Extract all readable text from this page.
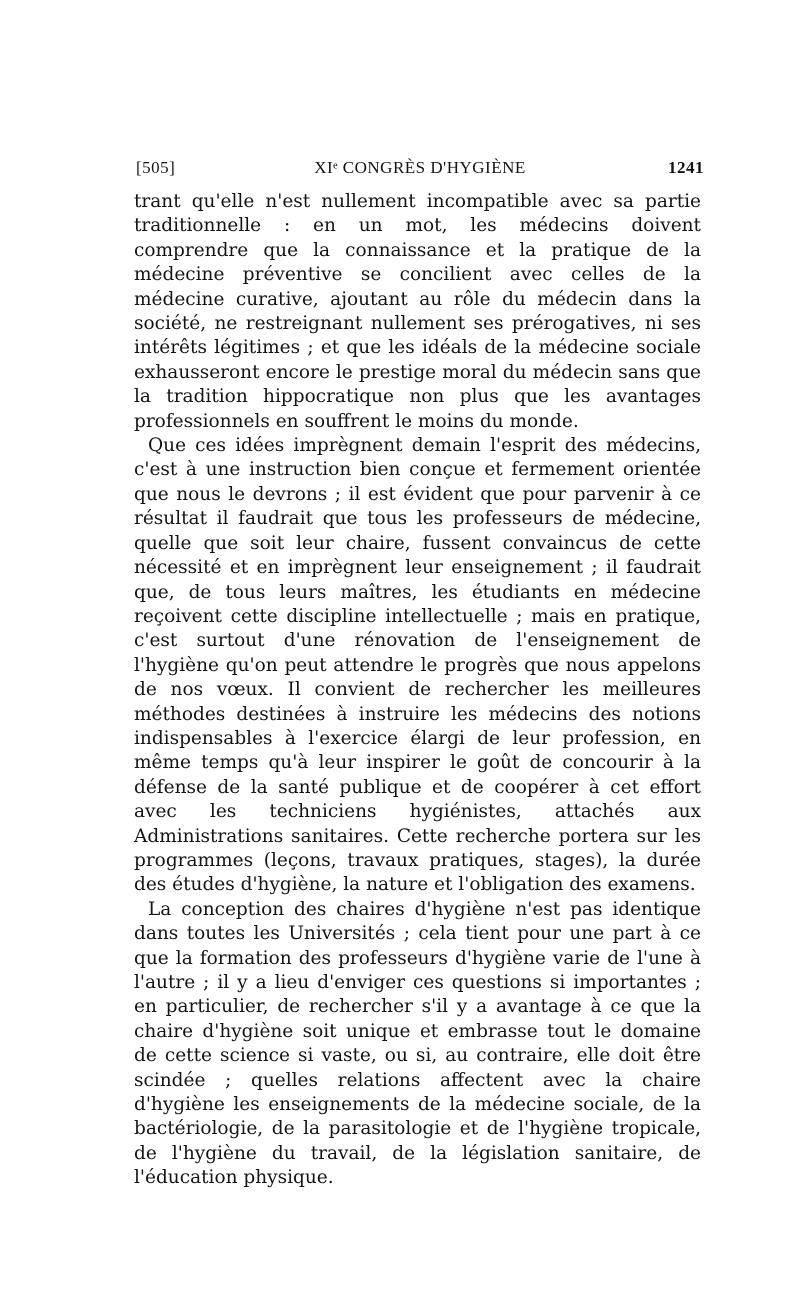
[505]	XIᵉ CONGRÈS D'HYGIÈNE	1241

trant qu'elle n'est nullement incompatible avec sa partie traditionnelle : en un mot, les médecins doivent comprendre que la connaissance et la pratique de la médecine préventive se concilient avec celles de la médecine curative, ajoutant au rôle du médecin dans la société, ne restreignant nullement ses prérogatives, ni ses intérêts légitimes ; et que les idéals de la médecine sociale exhausseront encore le prestige moral du médecin sans que la tradition hippocratique non plus que les avantages professionnels en souffrent le moins du monde.

Que ces idées imprègnent demain l'esprit des médecins, c'est à une instruction bien conçue et fermement orientée que nous le devrons ; il est évident que pour parvenir à ce résultat il faudrait que tous les professeurs de médecine, quelle que soit leur chaire, fussent convaincus de cette nécessité et en imprègnent leur enseignement ; il faudrait que, de tous leurs maîtres, les étudiants en médecine reçoivent cette discipline intellectuelle ; mais en pratique, c'est surtout d'une rénovation de l'enseignement de l'hygiène qu'on peut attendre le progrès que nous appelons de nos vœux. Il convient de rechercher les meilleures méthodes destinées à instruire les médecins des notions indispensables à l'exercice élargi de leur profession, en même temps qu'à leur inspirer le goût de concourir à la défense de la santé publique et de coopérer à cet effort avec les techniciens hygiénistes, attachés aux Administrations sanitaires. Cette recherche portera sur les programmes (leçons, travaux pratiques, stages), la durée des études d'hygiène, la nature et l'obligation des examens.

La conception des chaires d'hygiène n'est pas identique dans toutes les Universités ; cela tient pour une part à ce que la formation des professeurs d'hygiène varie de l'une à l'autre ; il y a lieu d'enviger ces questions si importantes ; en particulier, de rechercher s'il y a avantage à ce que la chaire d'hygiène soit unique et embrasse tout le domaine de cette science si vaste, ou si, au contraire, elle doit être scindée ; quelles relations affectent avec la chaire d'hygiène les enseignements de la médecine sociale, de la bactériologie, de la parasitologie et de l'hygiène tropicale, de l'hygiène du travail, de la législation sanitaire, de l'éducation physique.
